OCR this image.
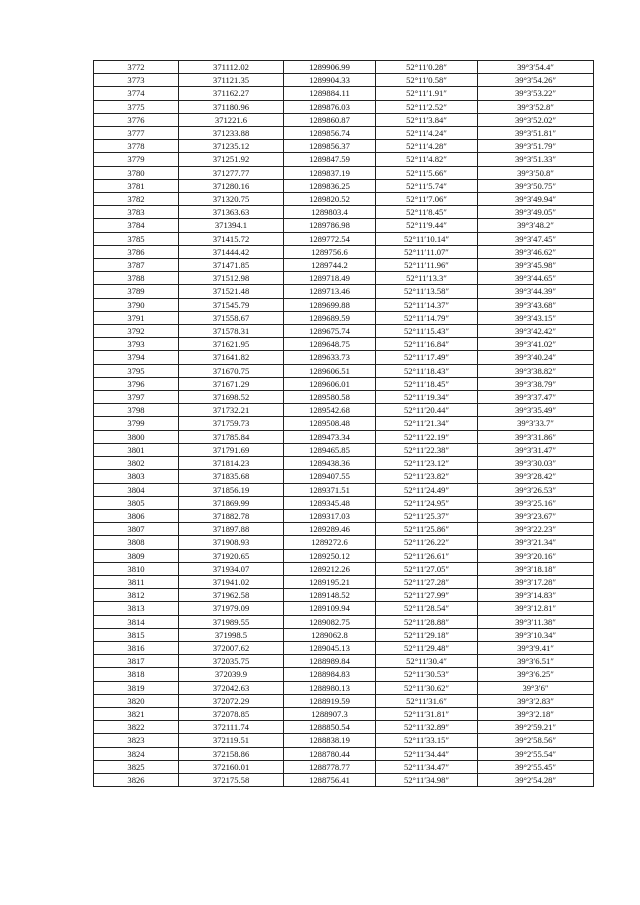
3772	371112.02	1289906.99	52°11′0.28″	39°3′54.4″
3773	371121.35	1289904.33	52°11′0.58″	39°3′54.26″
3774	371162.27	1289884.11	52°11′1.91″	39°3′53.22″
3775	371180.96	1289876.03	52°11′2.52″	39°3′52.8″
3776	371221.6	1289860.87	52°11′3.84″	39°3′52.02″
3777	371233.88	1289856.74	52°11′4.24″	39°3′51.81″
3778	371235.12	1289856.37	52°11′4.28″	39°3′51.79″
3779	371251.92	1289847.59	52°11′4.82″	39°3′51.33″
3780	371277.77	1289837.19	52°11′5.66″	39°3′50.8″
3781	371280.16	1289836.25	52°11′5.74″	39°3′50.75″
3782	371320.75	1289820.52	52°11′7.06″	39°3′49.94″
3783	371363.63	1289803.4	52°11′8.45″	39°3′49.05″
3784	371394.1	1289786.98	52°11′9.44″	39°3′48.2″
3785	371415.72	1289772.54	52°11′10.14″	39°3′47.45″
3786	371444.42	1289756.6	52°11′11.07″	39°3′46.62″
3787	371471.85	1289744.2	52°11′11.96″	39°3′45.98″
3788	371512.98	1289718.49	52°11′13.3″	39°3′44.65″
3789	371521.48	1289713.46	52°11′13.58″	39°3′44.39″
3790	371545.79	1289699.88	52°11′14.37″	39°3′43.68″
3791	371558.67	1289689.59	52°11′14.79″	39°3′43.15″
3792	371578.31	1289675.74	52°11′15.43″	39°3′42.42″
3793	371621.95	1289648.75	52°11′16.84″	39°3′41.02″
3794	371641.82	1289633.73	52°11′17.49″	39°3′40.24″
3795	371670.75	1289606.51	52°11′18.43″	39°3′38.82″
3796	371671.29	1289606.01	52°11′18.45″	39°3′38.79″
3797	371698.52	1289580.58	52°11′19.34″	39°3′37.47″
3798	371732.21	1289542.68	52°11′20.44″	39°3′35.49″
3799	371759.73	1289508.48	52°11′21.34″	39°3′33.7″
3800	371785.84	1289473.34	52°11′22.19″	39°3′31.86″
3801	371791.69	1289465.85	52°11′22.38″	39°3′31.47″
3802	371814.23	1289438.36	52°11′23.12″	39°3′30.03″
3803	371835.68	1289407.55	52°11′23.82″	39°3′28.42″
3804	371856.19	1289371.51	52°11′24.49″	39°3′26.53″
3805	371869.99	1289345.48	52°11′24.95″	39°3′25.16″
3806	371882.78	1289317.03	52°11′25.37″	39°3′23.67″
3807	371897.88	1289289.46	52°11′25.86″	39°3′22.23″
3808	371908.93	1289272.6	52°11′26.22″	39°3′21.34″
3809	371920.65	1289250.12	52°11′26.61″	39°3′20.16″
3810	371934.07	1289212.26	52°11′27.05″	39°3′18.18″
3811	371941.02	1289195.21	52°11′27.28″	39°3′17.28″
3812	371962.58	1289148.52	52°11′27.99″	39°3′14.83″
3813	371979.09	1289109.94	52°11′28.54″	39°3′12.81″
3814	371989.55	1289082.75	52°11′28.88″	39°3′11.38″
3815	371998.5	1289062.8	52°11′29.18″	39°3′10.34″
3816	372007.62	1289045.13	52°11′29.48″	39°3′9.41″
3817	372035.75	1288989.84	52°11′30.4″	39°3′6.51″
3818	372039.9	1288984.83	52°11′30.53″	39°3′6.25″
3819	372042.63	1288980.13	52°11′30.62″	39°3′6″
3820	372072.29	1288919.59	52°11′31.6″	39°3′2.83″
3821	372078.85	1288907.3	52°11′31.81″	39°3′2.18″
3822	372111.74	1288850.54	52°11′32.89″	39°2′59.21″
3823	372119.51	1288838.19	52°11′33.15″	39°2′58.56″
3824	372158.86	1288780.44	52°11′34.44″	39°2′55.54″
3825	372160.01	1288778.77	52°11′34.47″	39°2′55.45″
3826	372175.58	1288756.41	52°11′34.98″	39°2′54.28″
